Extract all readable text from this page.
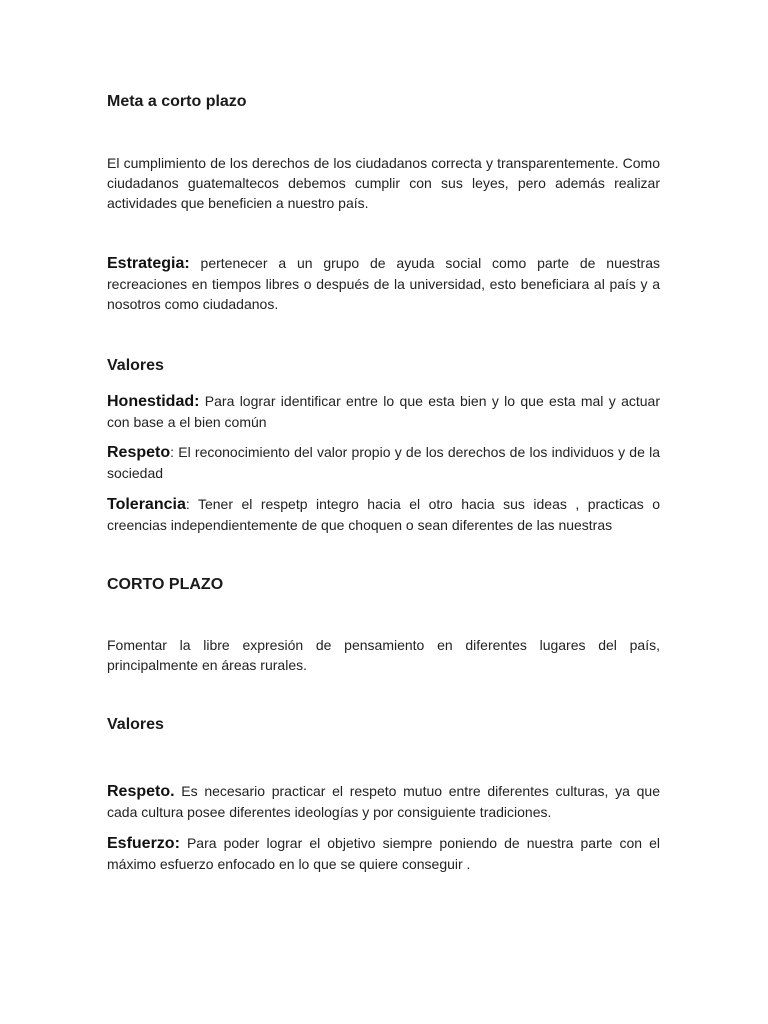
Meta a corto plazo

El cumplimiento de los derechos de los ciudadanos correcta y transparentemente. Como ciudadanos guatemaltecos debemos cumplir con sus leyes, pero además realizar actividades que beneficien a nuestro país.

Estrategia: pertenecer a un grupo de ayuda social como parte de nuestras recreaciones en tiempos libres o después de la universidad, esto beneficiara al país y a nosotros como ciudadanos.

Valores

Honestidad: Para lograr identificar entre lo que esta bien y lo que esta mal y actuar con base a el bien común

Respeto: El reconocimiento del valor propio y de los derechos de los individuos y de la sociedad

Tolerancia: Tener el respetp integro hacia el otro hacia sus ideas , practicas o creencias independientemente de que choquen o sean diferentes de las nuestras

CORTO PLAZO

Fomentar la libre expresión de pensamiento en diferentes lugares del país, principalmente en áreas rurales.

Valores

Respeto. Es necesario practicar el respeto mutuo entre diferentes culturas, ya que cada cultura posee diferentes ideologías y por consiguiente tradiciones.

Esfuerzo: Para poder lograr el objetivo siempre poniendo de nuestra parte con el máximo esfuerzo enfocado en lo que se quiere conseguir .
